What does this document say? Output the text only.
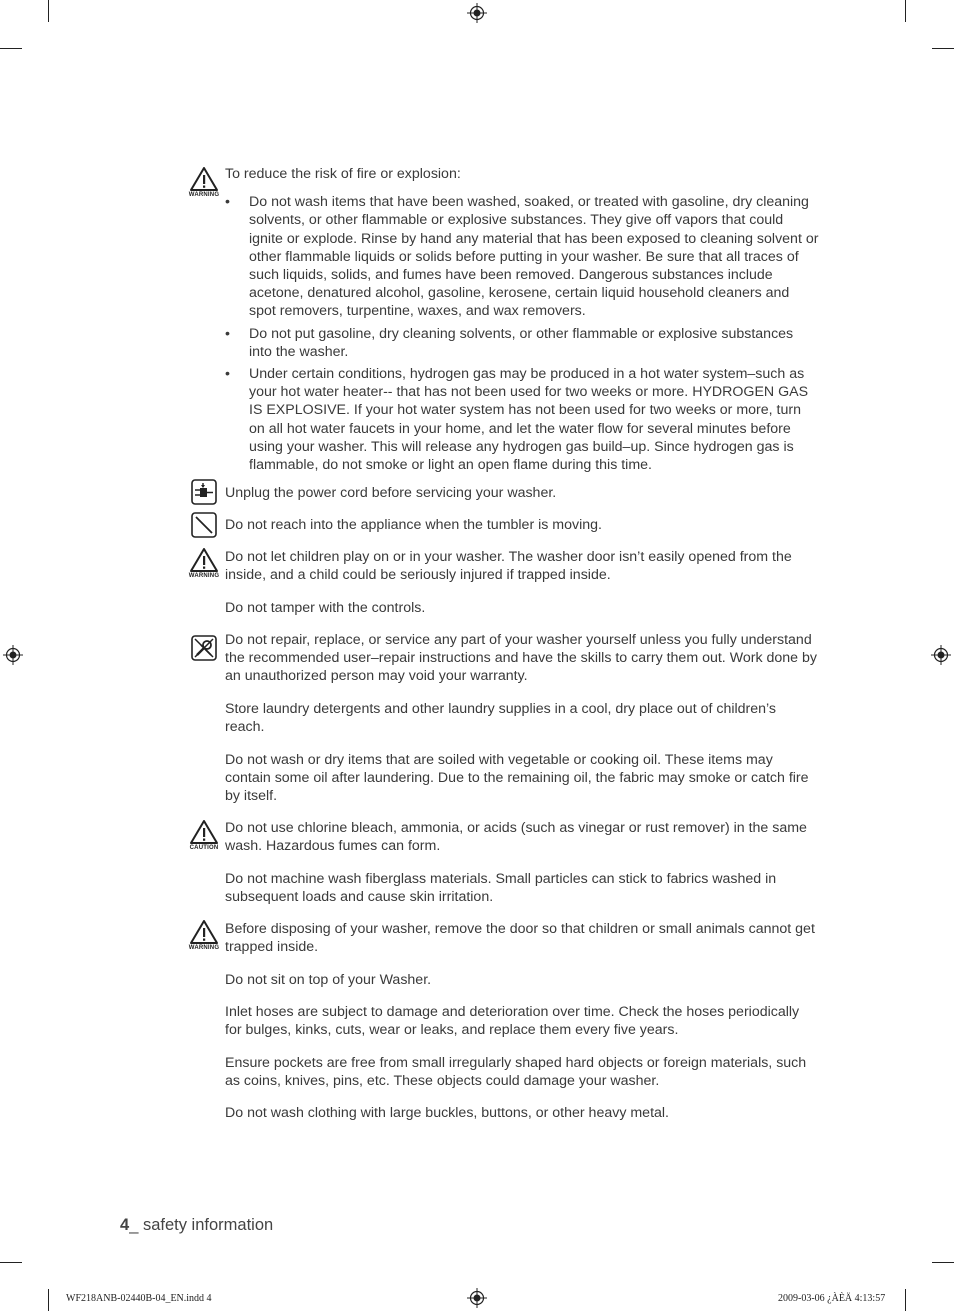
WARNING
WARNING
CAUTION
WARNING

To reduce the risk of fire or explosion:

• Do not wash items that have been washed, soaked, or treated with gasoline, dry cleaning solvents, or other flammable or explosive substances. They give off vapors that could ignite or explode. Rinse by hand any material that has been exposed to cleaning solvent or other flammable liquids or solids before putting in your washer. Be sure that all traces of such liquids, solids, and fumes have been removed. Dangerous substances include acetone, denatured alcohol, gasoline, kerosene, certain liquid household cleaners and spot removers, turpentine, waxes, and wax removers.
• Do not put gasoline, dry cleaning solvents, or other flammable or explosive substances into the washer.
• Under certain conditions, hydrogen gas may be produced in a hot water system–such as your hot water heater-- that has not been used for two weeks or more. HYDROGEN GAS IS EXPLOSIVE. If your hot water system has not been used for two weeks or more, turn on all hot water faucets in your home, and let the water flow for several minutes before using your washer. This will release any hydrogen gas build–up. Since hydrogen gas is flammable, do not smoke or light an open flame during this time.

Unplug the power cord before servicing your washer.

Do not reach into the appliance when the tumbler is moving.

Do not let children play on or in your washer. The washer door isn’t easily opened from the inside, and a child could be seriously injured if trapped inside.

Do not tamper with the controls.

Do not repair, replace, or service any part of your washer yourself unless you fully understand the recommended user–repair instructions and have the skills to carry them out. Work done by an unauthorized person may void your warranty.

Store laundry detergents and other laundry supplies in a cool, dry place out of children’s reach.

Do not wash or dry items that are soiled with vegetable or cooking oil. These items may contain some oil after laundering. Due to the remaining oil, the fabric may smoke or catch fire by itself.

Do not use chlorine bleach, ammonia, or acids (such as vinegar or rust remover) in the same wash. Hazardous fumes can form.

Do not machine wash fiberglass materials. Small particles can stick to fabrics washed in subsequent loads and cause skin irritation.

Before disposing of your washer, remove the door so that children or small animals cannot get trapped inside.

Do not sit on top of your Washer.

Inlet hoses are subject to damage and deterioration over time. Check the hoses periodically for bulges, kinks, cuts, wear or leaks, and replace them every five years.

Ensure pockets are free from small irregularly shaped hard objects or foreign materials, such as coins, knives, pins, etc. These objects could damage your washer.

Do not wash clothing with large buckles, buttons, or other heavy metal.

4_ safety information
WF218ANB-02440B-04_EN.indd 4	2009-03-06 ¿ÀÈÄ 4:13:57
